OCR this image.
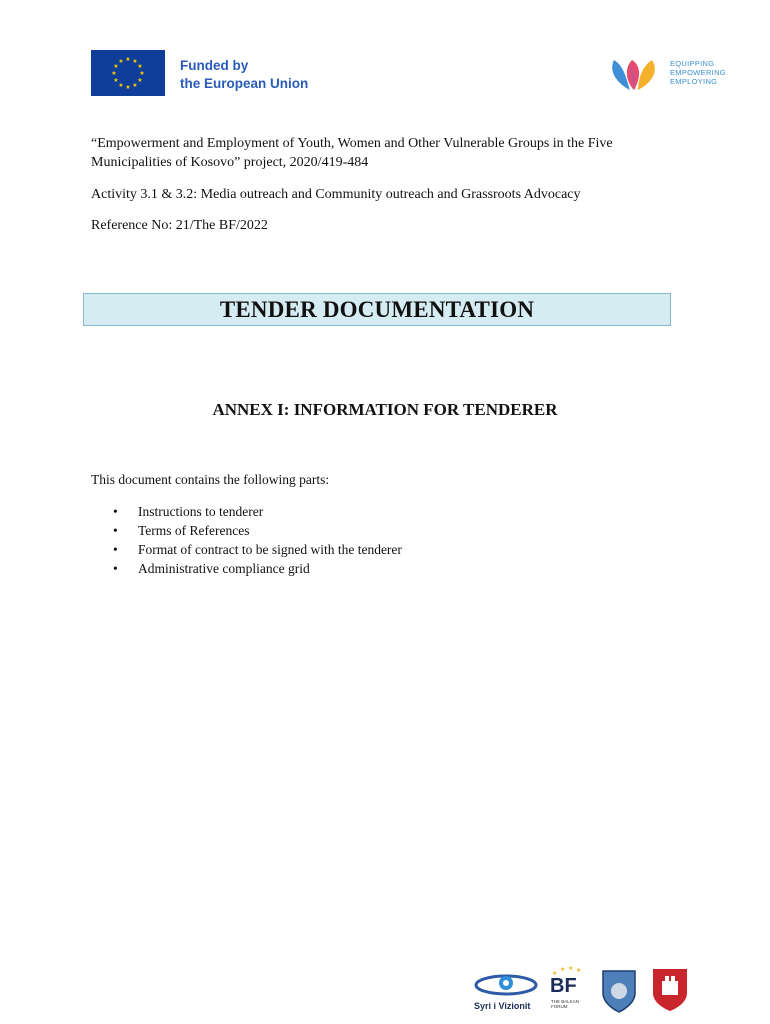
★ ★
★
★
★
★
★
★
★
★
★
★	Funded by
the European Union
EQUIPPING
EMPOWERING
EMPLOYING
“Empowerment and Employment of Youth, Women and Other Vulnerable Groups in the Five
Municipalities of Kosovo” project, 2020/419-484
Activity 3.1 & 3.2: Media outreach and Community outreach and Grassroots Advocacy
Reference No: 21/The BF/2022
TENDER DOCUMENTATION
ANNEX I: INFORMATION FOR TENDERER
This document contains the following parts:
• Instructions to tenderer
• Terms of References
• Format of contract to be signed with the tenderer
• Administrative compliance grid
Syri i Vizionit
★
★ ★ ★
BF
THE BALKAN
FORUM
